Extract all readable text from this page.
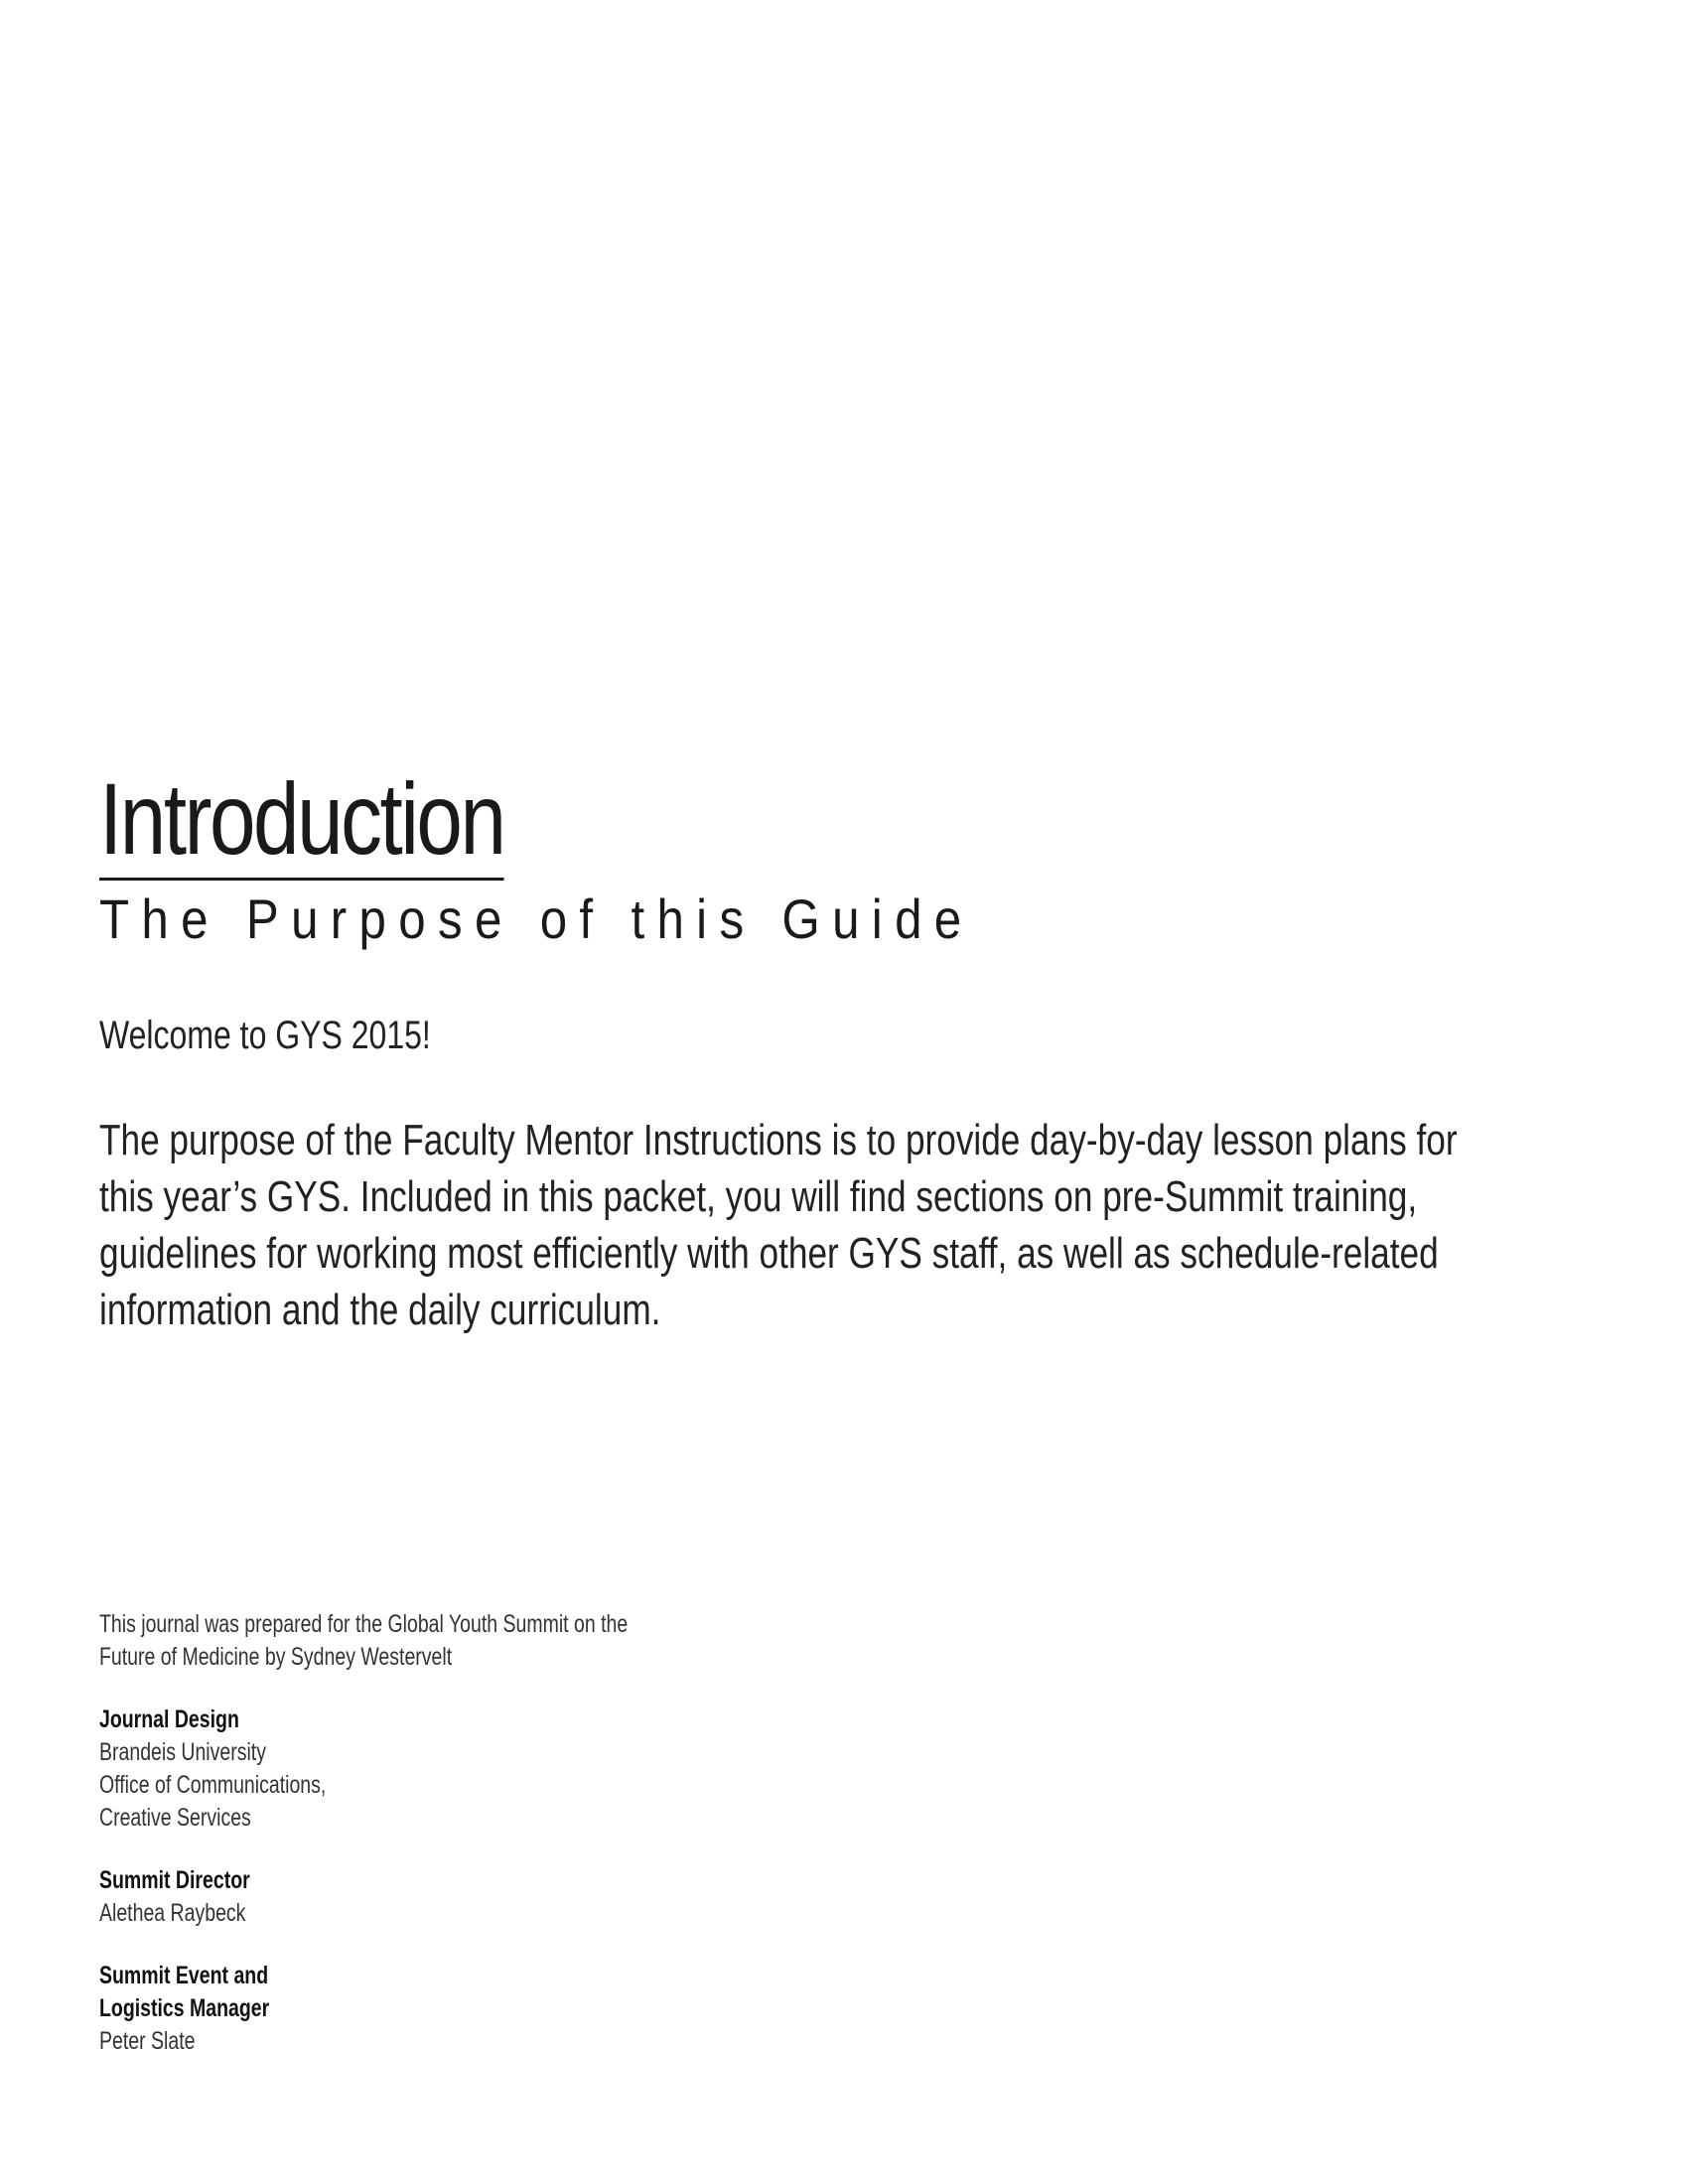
Introduction
The Purpose of this Guide

Welcome to GYS 2015!

The purpose of the Faculty Mentor Instructions is to provide day-by-day lesson plans for
this year’s GYS. Included in this packet, you will find sections on pre-Summit training,
guidelines for working most efficiently with other GYS staff, as well as schedule-related
information and the daily curriculum.

This journal was prepared for the Global Youth Summit on the
Future of Medicine by Sydney Westervelt
Journal Design
Brandeis University
Office of Communications,
Creative Services
Summit Director
Alethea Raybeck
Summit Event and
Logistics Manager
Peter Slate
